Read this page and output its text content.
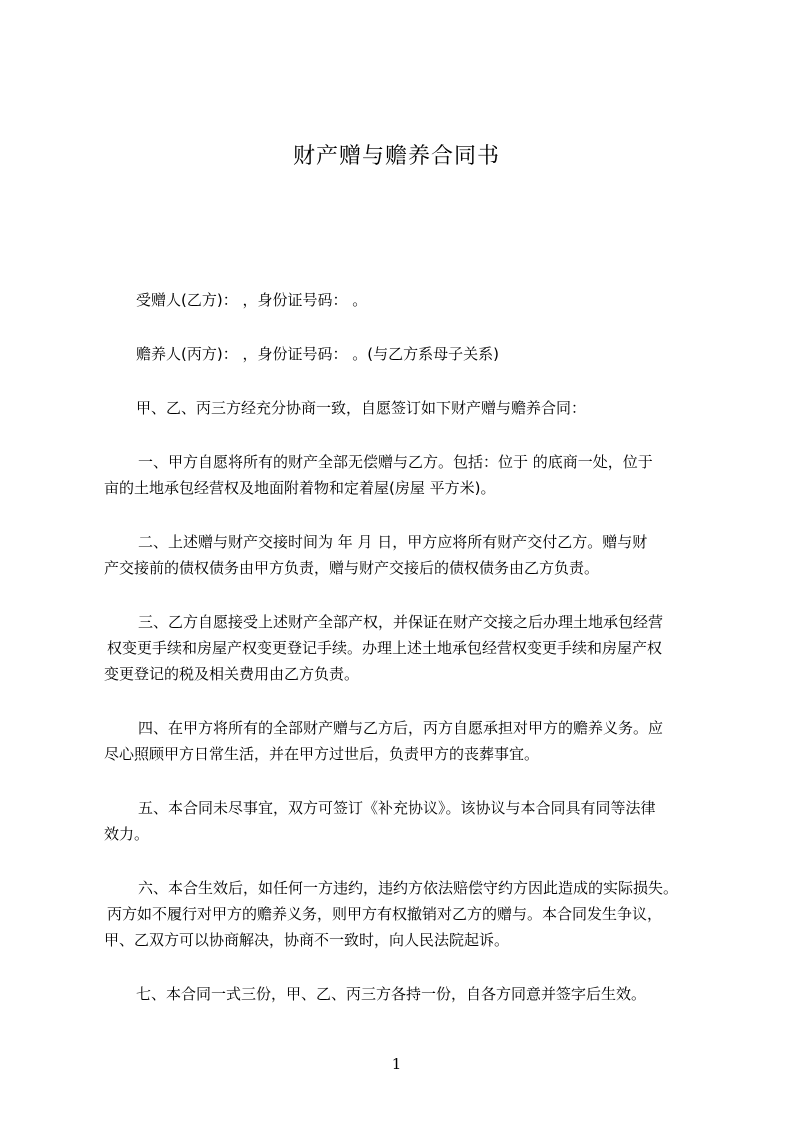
财产赠与赡养合同书
受赠人(乙方)： ，身份证号码： 。
赡养人(丙方)： ，身份证号码： 。(与乙方系母子关系)
甲、乙、丙三方经充分协商一致，自愿签订如下财产赠与赡养合同：
一、甲方自愿将所有的财产全部无偿赠与乙方。包括：位于 的底商一处，位于
亩的土地承包经营权及地面附着物和定着屋(房屋 平方米)。
二、上述赠与财产交接时间为 年 月 日，甲方应将所有财产交付乙方。赠与财
产交接前的债权债务由甲方负责，赠与财产交接后的债权债务由乙方负责。
三、乙方自愿接受上述财产全部产权，并保证在财产交接之后办理土地承包经营
权变更手续和房屋产权变更登记手续。办理上述土地承包经营权变更手续和房屋产权
变更登记的税及相关费用由乙方负责。
四、在甲方将所有的全部财产赠与乙方后，丙方自愿承担对甲方的赡养义务。应
尽心照顾甲方日常生活，并在甲方过世后，负责甲方的丧葬事宜。
五、本合同未尽事宜，双方可签订《补充协议》。该协议与本合同具有同等法律
效力。
六、本合生效后，如任何一方违约，违约方依法赔偿守约方因此造成的实际损失。
丙方如不履行对甲方的赡养义务，则甲方有权撤销对乙方的赠与。本合同发生争议，
甲、乙双方可以协商解决，协商不一致时，向人民法院起诉。
七、本合同一式三份，甲、乙、丙三方各持一份，自各方同意并签字后生效。
1
